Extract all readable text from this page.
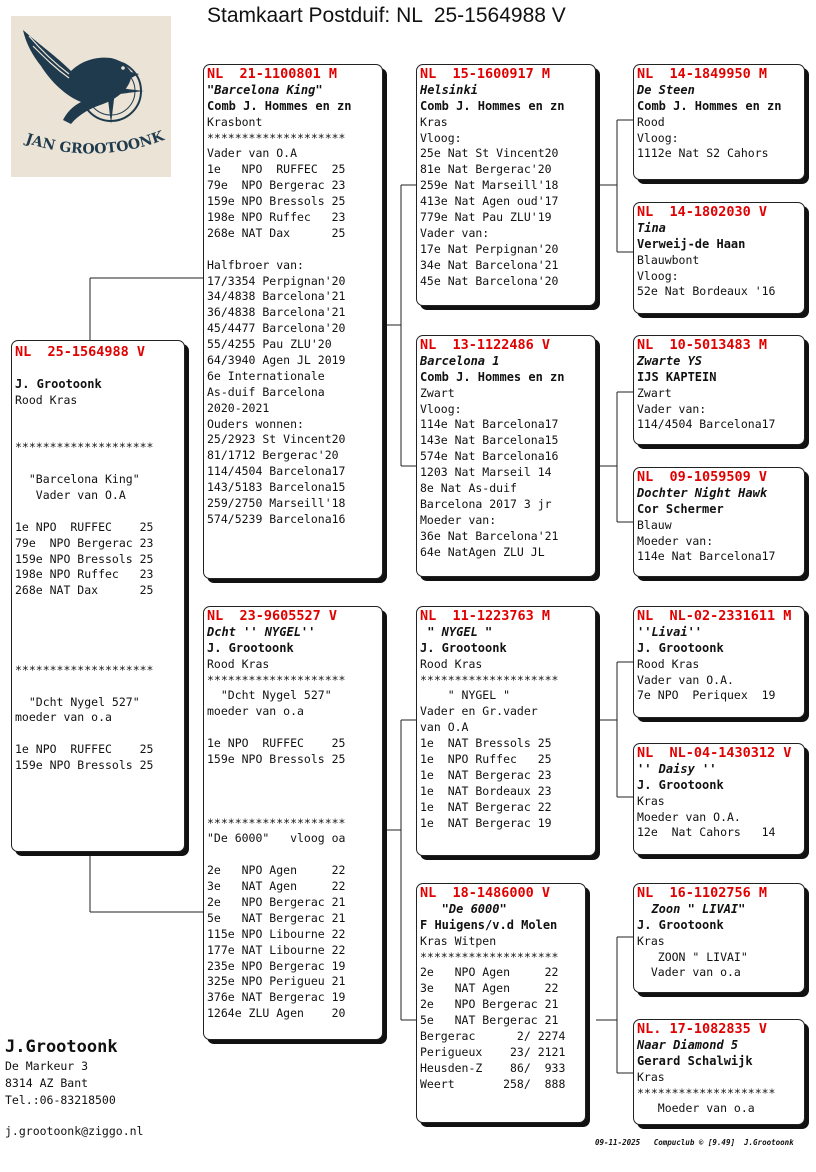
Stamkaart Postduif: NL  25-1564988 V
JAN GROOTOONK
NL  25-1564988 V
J. Grootoonk
Rood Kras
********************
"Barcelona King"
Vader van O.A
1e NPO  RUFFEC    25
79e  NPO Bergerac 23
159e NPO Bressols 25
198e NPO Ruffec   23
268e NAT Dax      25
********************
"Dcht Nygel 527"
moeder van o.a
1e NPO  RUFFEC    25
159e NPO Bressols 25
NL  21-1100801 M
"Barcelona King"
Comb J. Hommes en zn
Krasbont
********************
Vader van O.A
1e   NPO  RUFFEC  25
79e  NPO Bergerac 23
159e NPO Bressols 25
198e NPO Ruffec   23
268e NAT Dax      25
Halfbroer van:
17/3354 Perpignan'20
34/4838 Barcelona'21
36/4838 Barcelona'21
45/4477 Barcelona'20
55/4255 Pau ZLU'20
64/3940 Agen JL 2019
6e Internationale
As-duif Barcelona
2020-2021
Ouders wonnen:
25/2923 St Vincent20
81/1712 Bergerac'20
114/4504 Barcelona17
143/5183 Barcelona15
259/2750 Marseill'18
574/5239 Barcelona16
NL  23-9605527 V
Dcht '' NYGEL''
J. Grootoonk
Rood Kras
********************
"Dcht Nygel 527"
moeder van o.a
1e NPO  RUFFEC    25
159e NPO Bressols 25
********************
"De 6000"   vloog oa
2e   NPO Agen     22
3e   NAT Agen     22
2e   NPO Bergerac 21
5e   NAT Bergerac 21
115e NPO Libourne 22
177e NAT Libourne 22
235e NPO Bergerac 19
325e NPO Perigueu 21
376e NAT Bergerac 19
1264e ZLU Agen    20
NL  15-1600917 M
Helsinki
Comb J. Hommes en zn
Kras
Vloog:
25e Nat St Vincent20
81e Nat Bergerac'20
259e Nat Marseill'18
413e Nat Agen oud'17
779e Nat Pau ZLU'19
Vader van:
17e Nat Perpignan'20
34e Nat Barcelona'21
45e Nat Barcelona'20
NL  13-1122486 V
Barcelona 1
Comb J. Hommes en zn
Zwart
Vloog:
114e Nat Barcelona17
143e Nat Barcelona15
574e Nat Barcelona16
1203 Nat Marseil 14
8e Nat As-duif
Barcelona 2017 3 jr
Moeder van:
36e Nat Barcelona'21
64e NatAgen ZLU JL
NL  11-1223763 M
" NYGEL "
J. Grootoonk
Rood Kras
********************
" NYGEL "
Vader en Gr.vader
van O.A
1e  NAT Bressols 25
1e  NPO Ruffec   25
1e  NAT Bergerac 23
1e  NAT Bordeaux 23
1e  NAT Bergerac 22
1e  NAT Bergerac 19
NL  18-1486000 V
"De 6000"
F Huigens/v.d Molen
Kras Witpen
********************
2e   NPO Agen     22
3e   NAT Agen     22
2e   NPO Bergerac 21
5e   NAT Bergerac 21
Bergerac      2/ 2274
Perigueux    23/ 2121
Heusden-Z    86/  933
Weert       258/  888
NL  14-1849950 M
De Steen
Comb J. Hommes en zn
Rood
Vloog:
1112e Nat S2 Cahors
NL  14-1802030 V
Tina
Verweij-de Haan
Blauwbont
Vloog:
52e Nat Bordeaux '16
NL  10-5013483 M
Zwarte YS
IJS KAPTEIN
Zwart
Vader van:
114/4504 Barcelona17
NL  09-1059509 V
Dochter Night Hawk
Cor Schermer
Blauw
Moeder van:
114e Nat Barcelona17
NL  NL-02-2331611 M
''Livai''
J. Grootoonk
Rood Kras
Vader van O.A.
7e NPO  Periquex  19
NL  NL-04-1430312 V
'' Daisy ''
J. Grootoonk
Kras
Moeder van O.A.
12e  Nat Cahors   14
NL  16-1102756 M
Zoon " LIVAI"
J. Grootoonk
Kras
ZOON " LIVAI"
Vader van o.a
NL. 17-1082835 V
Naar Diamond 5
Gerard Schalwijk
Kras
********************
Moeder van o.a
J.Grootoonk
De Markeur 3
8314 AZ Bant
Tel.:06-83218500
j.grootoonk@ziggo.nl
09-11-2025   Compuclub © [9.49]  J.Grootoonk
